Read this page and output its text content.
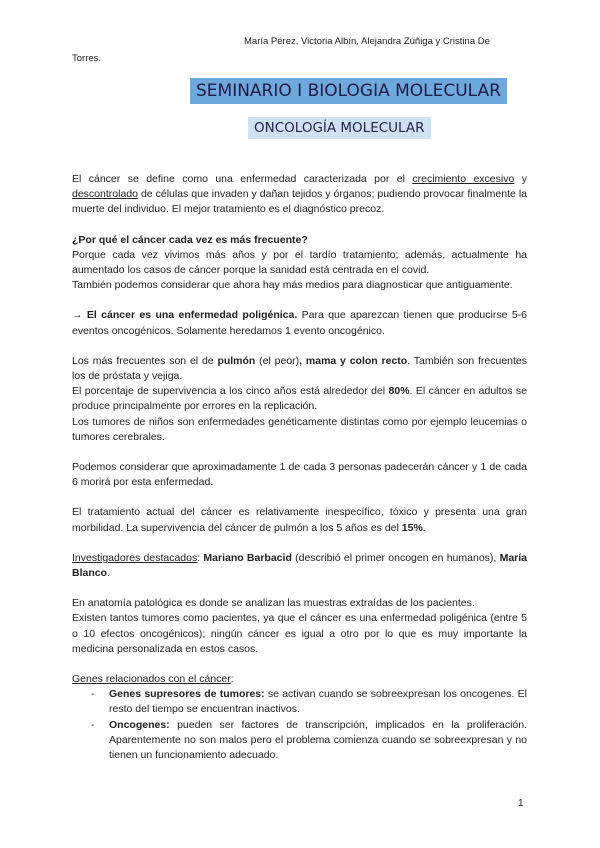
María Pérez, Victoria Albín, Alejandra Zúñiga y Cristina De
Torres.
SEMINARIO I BIOLOGIA MOLECULAR
ONCOLOGÍA MOLECULAR

El cáncer se define como una enfermedad caracterizada por el crecimiento excesivo y descontrolado de células que invaden y dañan tejidos y órganos; pudiendo provocar finalmente la muerte del individuo. El mejor tratamiento es el diagnóstico precoz.

¿Por qué el cáncer cada vez es más frecuente?
Porque cada vez vivimos más años y por el tardío tratamiento; además, actualmente ha aumentado los casos de cáncer porque la sanidad está centrada en el covid.
También podemos considerar que ahora hay más medios para diagnosticar que antiguamente.

→ El cáncer es una enfermedad poligénica. Para que aparezcan tienen que producirse 5-6 eventos oncogénicos. Solamente heredamos 1 evento oncogénico.

Los más frecuentes son el de pulmón (el peor), mama y colon recto. También son frecuentes los de próstata y vejiga.
El porcentaje de supervivencia a los cinco años está alrededor del 80%. El cáncer en adultos se produce principalmente por errores en la replicación.
Los tumores de niños son enfermedades genéticamente distintas como por ejemplo leucemias o tumores cerebrales.

Podemos considerar que aproximadamente 1 de cada 3 personas padecerán cáncer y 1 de cada 6 morirá por esta enfermedad.

El tratamiento actual del cáncer es relativamente inespecífico, tóxico y presenta una gran morbilidad. La supervivencia del cáncer de pulmón a los 5 años es del 15%.

Investigadores destacados: Mariano Barbacid (describió el primer oncogen en humanos), María Blanco.

En anatomía patológica es donde se analizan las muestras extraídas de los pacientes.
Existen tantos tumores como pacientes, ya que el cáncer es una enfermedad poligénica (entre 5 o 10 efectos oncogénicos); ningún cáncer es igual a otro por lo que es muy importante la medicina personalizada en estos casos.
Genes relacionados con el cáncer:
- Genes supresores de tumores: se activan cuando se sobreexpresan los oncogenes. El resto del tiempo se encuentran inactivos.
- Oncogenes: pueden ser factores de transcripción, implicados en la proliferación. Aparentemente no son malos pero el problema comienza cuando se sobreexpresan y no tienen un funcionamiento adecuado.
1
